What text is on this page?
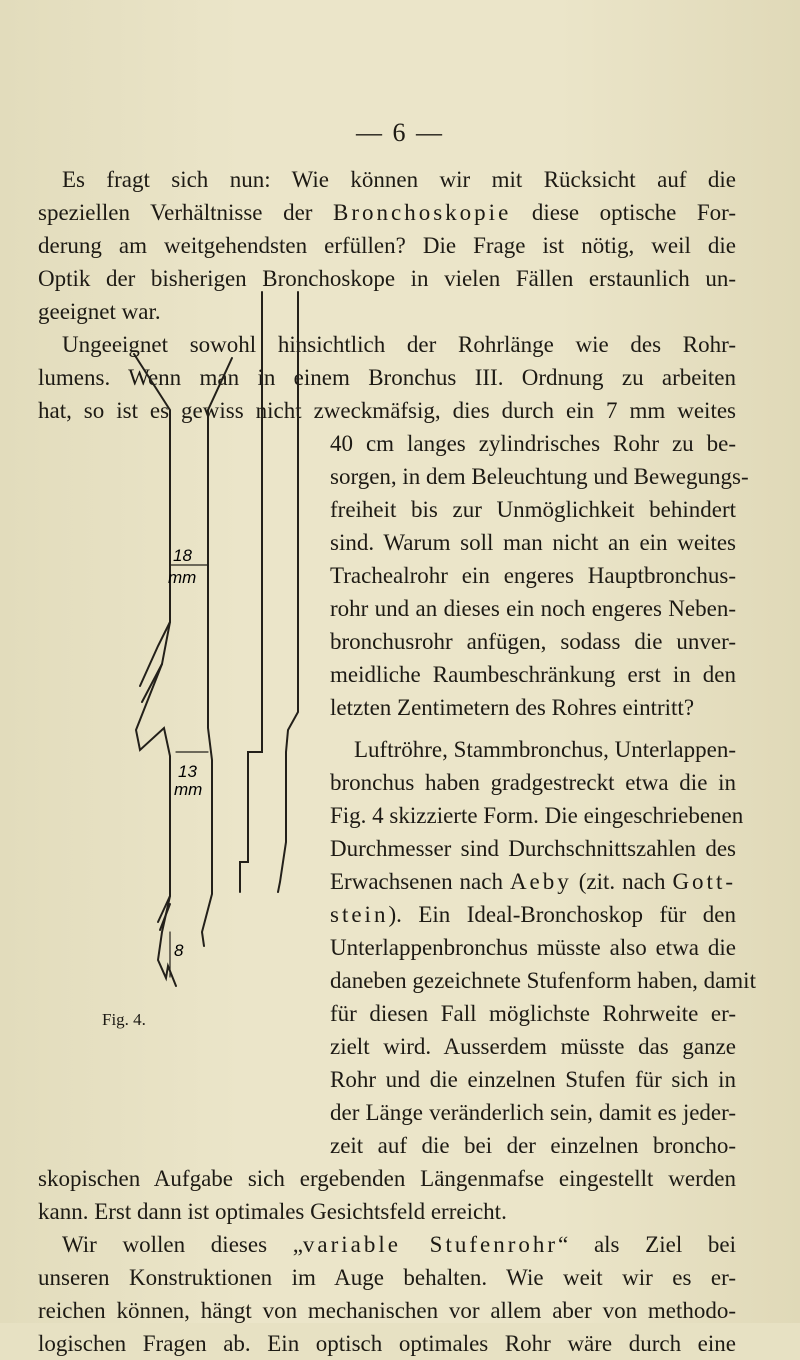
— 6 —
Es fragt sich nun: Wie können wir mit Rücksicht auf die
speziellen Verhältnisse der Bronchoskopie diese optische For-
derung am weitgehendsten erfüllen? Die Frage ist nötig, weil die
Optik der bisherigen Bronchoskope in vielen Fällen erstaunlich un-
geeignet war.
Ungeeignet sowohl hinsichtlich der Rohrlänge wie des Rohr-
lumens. Wenn man in einem Bronchus III. Ordnung zu arbeiten
hat, so ist es gewiss nicht zweckmäfsig, dies durch ein 7 mm weites
40 cm langes zylindrisches Rohr zu be-
sorgen, in dem Beleuchtung und Bewegungs-
freiheit bis zur Unmöglichkeit behindert
sind. Warum soll man nicht an ein weites
Trachealrohr ein engeres Hauptbronchus-
rohr und an dieses ein noch engeres Neben-
bronchusrohr anfügen, sodass die unver-
meidliche Raumbeschränkung erst in den
letzten Zentimetern des Rohres eintritt?
Luftröhre, Stammbronchus, Unterlappen-
bronchus haben gradgestreckt etwa die in
Fig. 4 skizzierte Form. Die eingeschriebenen
Durchmesser sind Durchschnittszahlen des
Erwachsenen nach Aeby (zit. nach Gott-
stein). Ein Ideal-Bronchoskop für den
Unterlappenbronchus müsste also etwa die
daneben gezeichnete Stufenform haben, damit
für diesen Fall möglichste Rohrweite er-
zielt wird. Ausserdem müsste das ganze
Rohr und die einzelnen Stufen für sich in
der Länge veränderlich sein, damit es jeder-
zeit auf die bei der einzelnen broncho-
skopischen Aufgabe sich ergebenden Längenmafse eingestellt werden
kann. Erst dann ist optimales Gesichtsfeld erreicht.
Wir wollen dieses „variable Stufenrohr“ als Ziel bei
unseren Konstruktionen im Auge behalten. Wie weit wir es er-
reichen können, hängt von mechanischen vor allem aber von methodo-
logischen Fragen ab. Ein optisch optimales Rohr wäre durch eine
18
mm
13
mm
8
Fig. 4.
